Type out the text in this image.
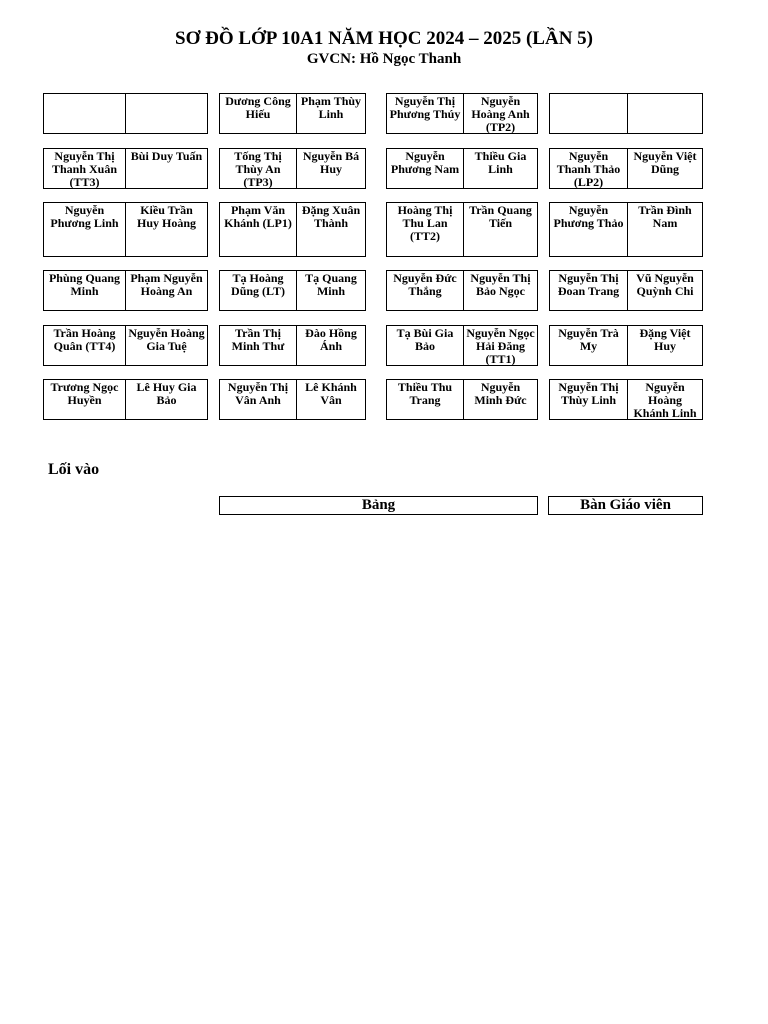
SƠ ĐỒ LỚP 10A1 NĂM HỌC 2024 – 2025 (LẦN 5)
GVCN: Hồ Ngọc Thanh
Dương Công Hiếu
Phạm Thùy Linh
Nguyễn Thị Phương Thúy
Nguyễn Hoàng Anh (TP2)
Nguyễn Thị Thanh Xuân (TT3)
Bùi Duy Tuấn	Tống Thị Thùy An (TP3)
Nguyễn Bá Huy
Nguyễn Phương Nam
Thiều Gia Linh
Nguyễn Thanh Thảo (LP2)
Nguyễn Việt Dũng
Nguyễn Phương Linh
Kiều Trần Huy Hoàng
Phạm Văn Khánh (LP1)
Đặng Xuân Thành
Hoàng Thị Thu Lan (TT2)
Trần Quang Tiến
Nguyễn Phương Thảo
Trần Đình Nam
Phùng Quang Minh
Phạm Nguyễn Hoàng An
Tạ Hoàng Dũng (LT)
Tạ Quang Minh
Nguyễn Đức Thắng
Nguyễn Thị Bảo Ngọc
Nguyễn Thị Đoan Trang
Vũ Nguyễn Quỳnh Chi
Trần Hoàng Quân (TT4)
Nguyễn Hoàng Gia Tuệ
Trần Thị Minh Thư
Đào Hồng Ánh
Tạ Bùi Gia Bảo
Nguyễn Ngọc Hải Đăng (TT1)
Nguyễn Trà My
Đặng Việt Huy
Trương Ngọc Huyền
Lê Huy Gia Bảo
Nguyễn Thị Vân Anh
Lê Khánh Vân
Thiều Thu Trang
Nguyễn Minh Đức
Nguyễn Thị Thùy Linh
Nguyễn Hoàng Khánh Linh
Lối vào
Bảng	Bàn Giáo viên
